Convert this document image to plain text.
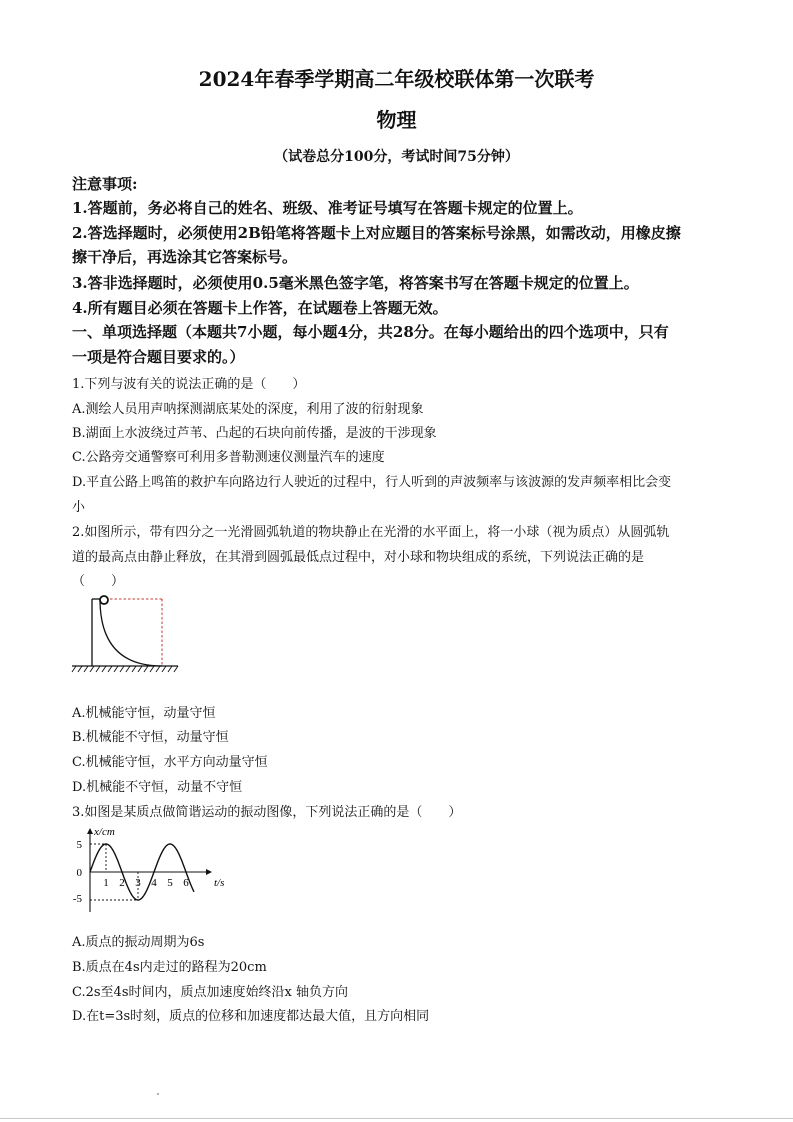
2024年春季学期高二年级校联体第一次联考
物理
（试卷总分100分，考试时间75分钟）
注意事项:
1.答题前，务必将自己的姓名、班级、准考证号填写在答题卡规定的位置上。
2.答选择题时，必须使用2B铅笔将答题卡上对应题目的答案标号涂黑，如需改动，用橡皮擦
擦干净后，再选涂其它答案标号。
3.答非选择题时，必须使用0.5毫米黑色签字笔，将答案书写在答题卡规定的位置上。
4.所有题目必须在答题卡上作答，在试题卷上答题无效。
一、单项选择题（本题共7小题，每小题4分，共28分。在每小题给出的四个选项中，只有
一项是符合题目要求的。）
1.下列与波有关的说法正确的是（　　）
A.测绘人员用声呐探测湖底某处的深度，利用了波的衍射现象
B.湖面上水波绕过芦苇、凸起的石块向前传播，是波的干涉现象
C.公路旁交通警察可利用多普勒测速仪测量汽车的速度
D.平直公路上鸣笛的救护车向路边行人驶近的过程中，行人听到的声波频率与该波源的发声频率相比会变
小
2.如图所示，带有四分之一光滑圆弧轨道的物块静止在光滑的水平面上，将一小球（视为质点）从圆弧轨
道的最高点由静止释放，在其滑到圆弧最低点过程中，对小球和物块组成的系统，下列说法正确的是
（　　）
A.机械能守恒，动量守恒
B.机械能不守恒，动量守恒
C.机械能守恒，水平方向动量守恒
D.机械能不守恒，动量不守恒
3.如图是某质点做简谐运动的振动图像，下列说法正确的是（　　）
x/cm
t/s
5
0
-5
1 2 3 4 5 6
A.质点的振动周期为6s
B.质点在4s内走过的路程为20cm
C.2s至4s时间内，质点加速度始终沿x 轴负方向
D.在t=3s时刻，质点的位移和加速度都达最大值，且方向相同
